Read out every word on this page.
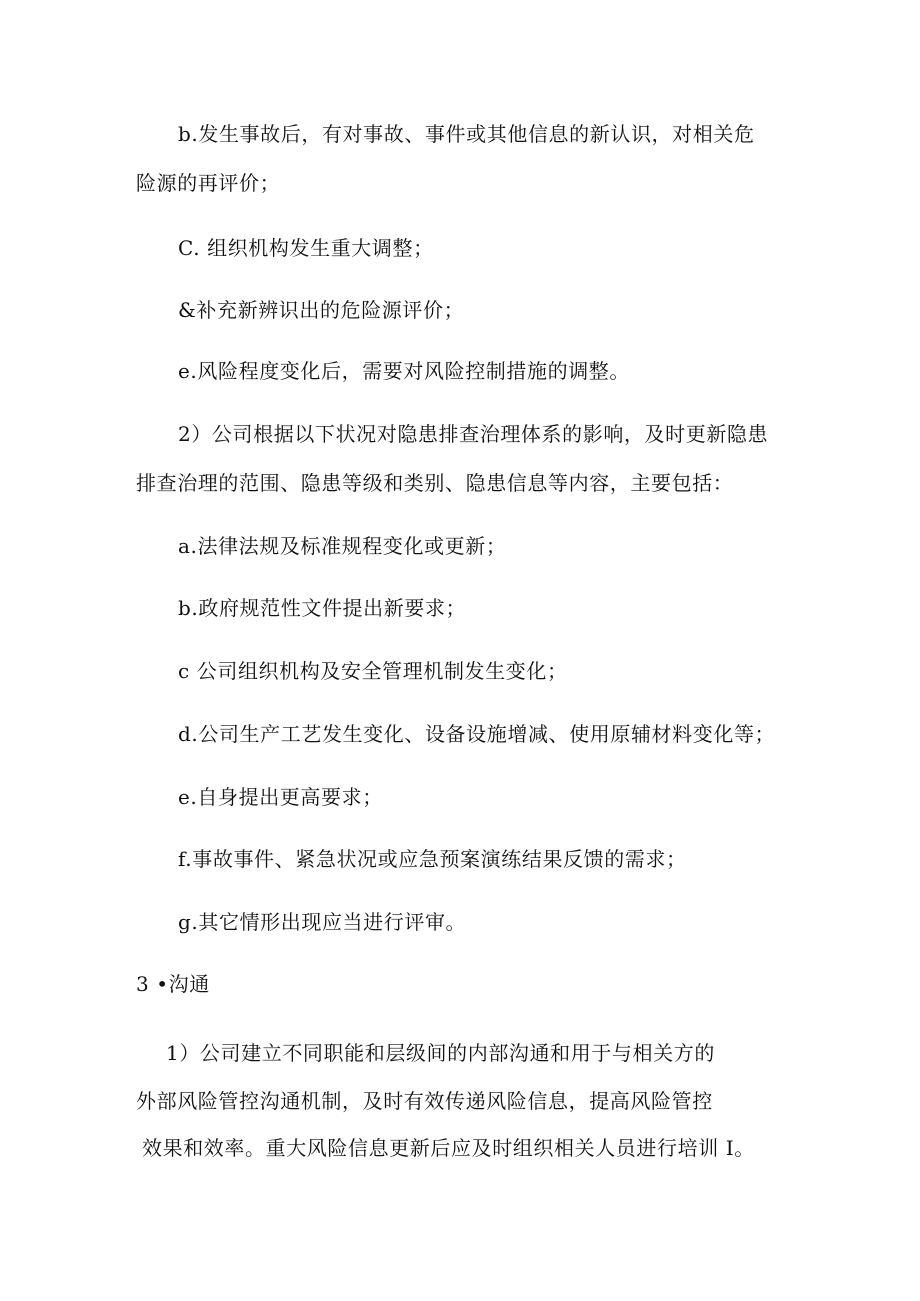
b.发生事故后，有对事故、事件或其他信息的新认识，对相关危
险源的再评价；
C. 组织机构发生重大调整；
&补充新辨识出的危险源评价；
e.风险程度变化后，需要对风险控制措施的调整。
2）公司根据以下状况对隐患排查治理体系的影响，及时更新隐患
排查治理的范围、隐患等级和类别、隐患信息等内容，主要包括：
a.法律法规及标准规程变化或更新；
b.政府规范性文件提出新要求；
c 公司组织机构及安全管理机制发生变化；
d.公司生产工艺发生变化、设备设施增减、使用原辅材料变化等；
e.自身提出更高要求；
f.事故事件、紧急状况或应急预案演练结果反馈的需求；
g.其它情形出现应当进行评审。
3 •沟通
1）公司建立不同职能和层级间的内部沟通和用于与相关方的
外部风险管控沟通机制，及时有效传递风险信息，提高风险管控
效果和效率。重大风险信息更新后应及时组织相关人员进行培训 I。
